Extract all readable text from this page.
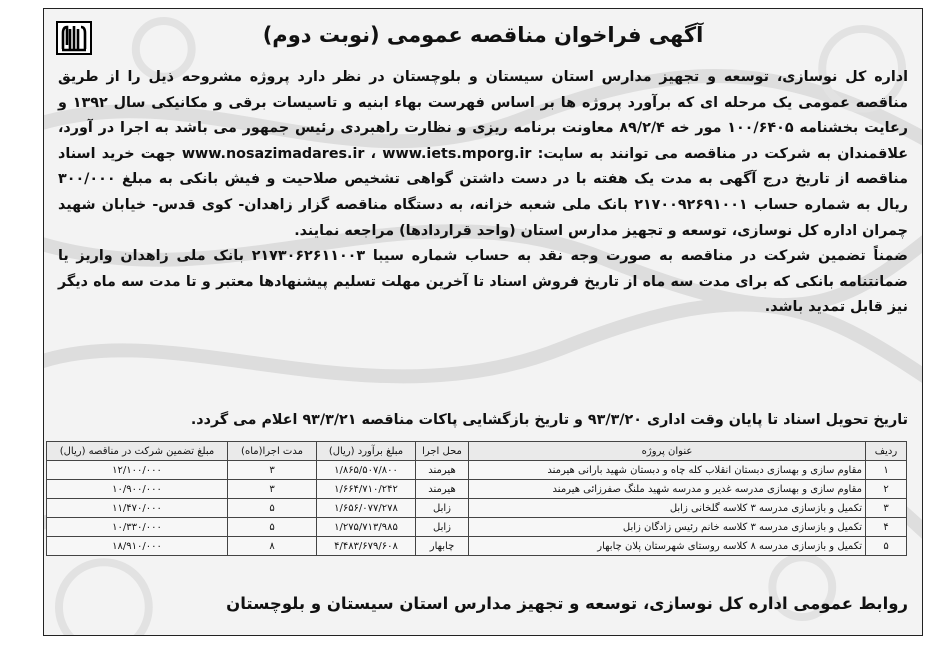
آگهی فراخوان مناقصه عمومی (نوبت دوم)

اداره کل نوسازی، توسعه و تجهیز مدارس استان سیستان و بلوچستان در نظر دارد پروژه مشروحه ذیل را از طریق مناقصه عمومی یک مرحله ای که برآورد پروژه ها بر اساس فهرست بهاء ابنیه و تاسیسات برقی و مکانیکی سال ۱۳۹۲ و رعایت بخشنامه ۱۰۰/۶۴۰۵ مور خه ۸۹/۲/۴ معاونت برنامه ریزی و نظارت راهبردی رئیس جمهور می باشد به اجرا در آورد، علاقمندان به شرکت در مناقصه می توانند به سایت: www.nosazimadares.ir ، www.iets.mporg.ir جهت خرید اسناد مناقصه از تاریخ درج آگهی به مدت یک هفته با در دست داشتن گواهی تشخیص صلاحیت و فیش بانکی به مبلغ ۳۰۰/۰۰۰ ریال به شماره حساب ۲۱۷۰۰۹۲۶۹۱۰۰۱ بانک ملی شعبه خزانه، به دستگاه مناقصه گزار زاهدان- کوی قدس- خیابان شهید چمران اداره کل نوسازی، توسعه و تجهیز مدارس استان (واحد قراردادها) مراجعه نمایند.

ضمناً تضمین شرکت در مناقصه به صورت وجه نقد به حساب شماره سیبا ۲۱۷۳۰۶۲۶۱۱۰۰۳ بانک ملی زاهدان واریز یا ضمانتنامه بانکی که برای مدت سه ماه از تاریخ فروش اسناد تا آخرین مهلت تسلیم پیشنهادها معتبر و تا مدت سه ماه دیگر نیز قابل تمدید باشد.

تاریخ تحویل اسناد تا پایان وقت اداری ۹۳/۳/۲۰ و تاریخ بازگشایی پاکات مناقصه ۹۳/۳/۲۱ اعلام می گردد.
ردیف	عنوان پروژه	محل اجرا	مبلغ برآورد (ریال)	مدت اجرا(ماه)	مبلغ تضمین شرکت در مناقصه (ریال)
۱	مقاوم سازی و بهسازی دبستان انقلاب کله چاه و دبستان شهید بارانی هیرمند	هیرمند	۱/۸۶۵/۵۰۷/۸۰۰	۳	۱۲/۱۰۰/۰۰۰
۲	مقاوم سازی و بهسازی مدرسه غدیر و مدرسه شهید ملنگ صفرزائی هیرمند	هیرمند	۱/۶۶۴/۷۱۰/۲۴۲	۳	۱۰/۹۰۰/۰۰۰
۳	تکمیل و بازسازی مدرسه ۳ کلاسه گلخانی زابل	زابل	۱/۶۵۶/۰۷۷/۲۷۸	۵	۱۱/۴۷۰/۰۰۰
۴	تکمیل و بازسازی مدرسه ۳ کلاسه خانم رئیس زادگان زابل	زابل	۱/۲۷۵/۷۱۳/۹۸۵	۵	۱۰/۳۳۰/۰۰۰
۵	تکمیل و بازسازی مدرسه ۸ کلاسه روستای شهرستان پلان چابهار	چابهار	۴/۴۸۳/۶۷۹/۶۰۸	۸	۱۸/۹۱۰/۰۰۰
روابط عمومی اداره کل نوسازی، توسعه و تجهیز مدارس استان سیستان و بلوچستان
